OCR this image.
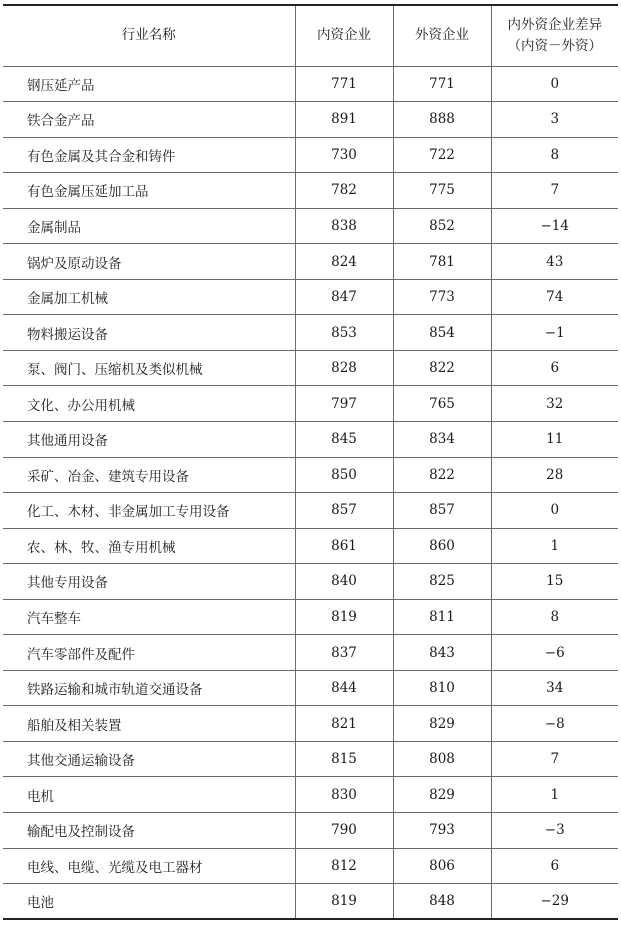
行业名称	内资企业	外资企业	内外资企业差异
（内资－外资）

钢压延产品	771	771	0
铁合金产品	891	888	3
有色金属及其合金和铸件	730	722	8
有色金属压延加工品	782	775	7
金属制品	838	852	−14
锅炉及原动设备	824	781	43
金属加工机械	847	773	74
物料搬运设备	853	854	−1
泵、阀门、压缩机及类似机械	828	822	6
文化、办公用机械	797	765	32
其他通用设备	845	834	11
采矿、冶金、建筑专用设备	850	822	28
化工、木材、非金属加工专用设备	857	857	0
农、林、牧、渔专用机械	861	860	1
其他专用设备	840	825	15
汽车整车	819	811	8
汽车零部件及配件	837	843	−6
铁路运输和城市轨道交通设备	844	810	34
船舶及相关装置	821	829	−8
其他交通运输设备	815	808	7
电机	830	829	1
输配电及控制设备	790	793	−3
电线、电缆、光缆及电工器材	812	806	6
电池	819	848	−29
